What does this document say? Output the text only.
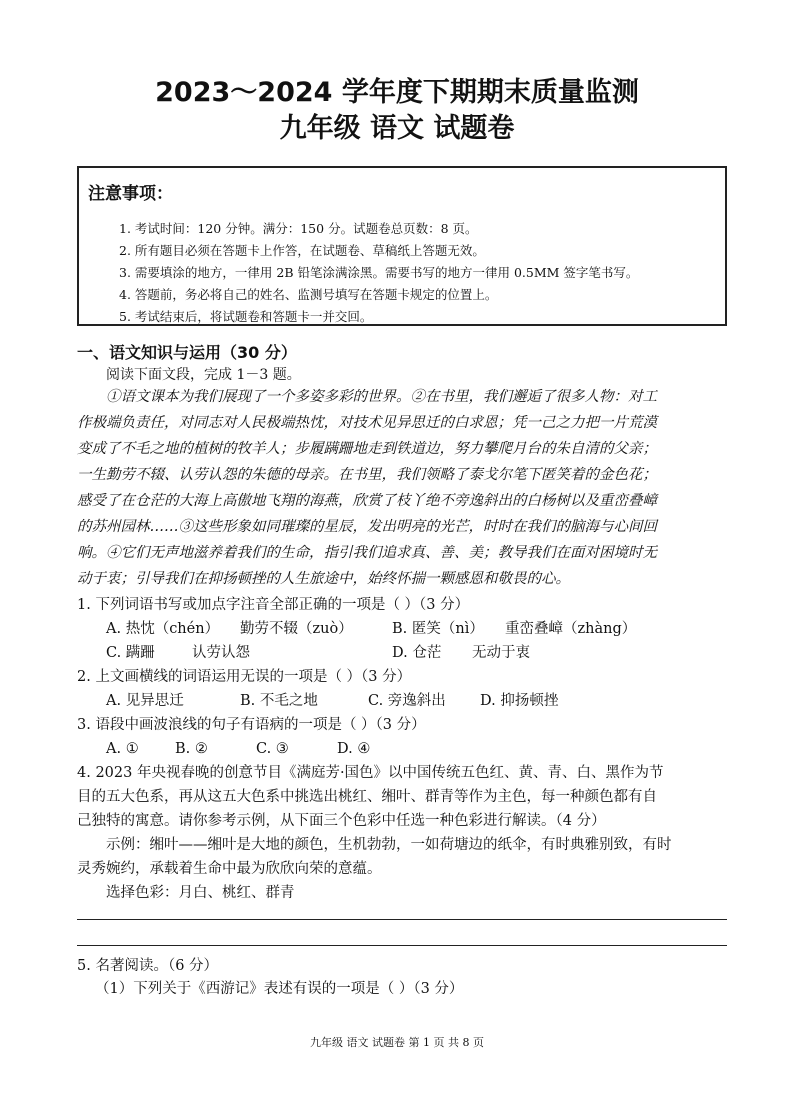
2023～2024 学年度下期期末质量监测
九年级 语文 试题卷
注意事项：
1. 考试时间：120 分钟。满分：150 分。试题卷总页数：8 页。
2. 所有题目必须在答题卡上作答，在试题卷、草稿纸上答题无效。
3. 需要填涂的地方，一律用 2B 铅笔涂满涂黑。需要书写的地方一律用 0.5MM 签字笔书写。
4. 答题前，务必将自己的姓名、监测号填写在答题卡规定的位置上。
5. 考试结束后，将试题卷和答题卡一并交回。
一、语文知识与运用（30 分）
阅读下面文段，完成 1－3 题。
①语文课本为我们展现了一个多姿多彩的世界。②在书里，我们邂逅了很多人物：对工
作极端负责任，对同志对人民极端热忱，对技术见异思迁的白求恩；凭一己之力把一片荒漠
变成了不毛之地的植树的牧羊人；步履蹒跚地走到铁道边，努力攀爬月台的朱自清的父亲；
一生勤劳不辍、认劳认怨的朱德的母亲。在书里，我们领略了泰戈尔笔下匿笑着的金色花；
感受了在仓茫的大海上高傲地飞翔的海燕，欣赏了枝丫绝不旁逸斜出的白杨树以及重峦叠嶂
的苏州园林……③这些形象如同璀璨的星辰，发出明亮的光芒，时时在我们的脑海与心间回
响。④它们无声地滋养着我们的生命，指引我们追求真、善、美；教导我们在面对困境时无
动于衷；引导我们在抑扬顿挫的人生旅途中，始终怀揣一颗感恩和敬畏的心。
1. 下列词语书写或加点字注音全部正确的一项是（ ）（3 分）
A. 热忱（chén） 勤劳不辍（zuò）	B. 匿笑（nì） 重峦叠嶂（zhàng）
C. 蹒跚	认劳认怨	D. 仓茫 无动于衷
2. 上文画横线的词语运用无误的一项是（ ）（3 分）
A. 见异思迁	B. 不毛之地	C. 旁逸斜出 D. 抑扬顿挫
3. 语段中画波浪线的句子有语病的一项是（ ）（3 分）
A. ①	B. ②	C. ③	D. ④
4. 2023 年央视春晚的创意节目《满庭芳·国色》以中国传统五色红、黄、青、白、黑作为节
目的五大色系，再从这五大色系中挑选出桃红、缃叶、群青等作为主色，每一种颜色都有自
己独特的寓意。请你参考示例，从下面三个色彩中任选一种色彩进行解读。（4 分）
示例：缃叶——缃叶是大地的颜色，生机勃勃，一如荷塘边的纸伞，有时典雅别致，有时
灵秀婉约，承载着生命中最为欣欣向荣的意蕴。
选择色彩：月白、桃红、群青
5. 名著阅读。（6 分）
（1）下列关于《西游记》表述有误的一项是（ ）（3 分）
九年级 语文 试题卷 第 1 页 共 8 页
